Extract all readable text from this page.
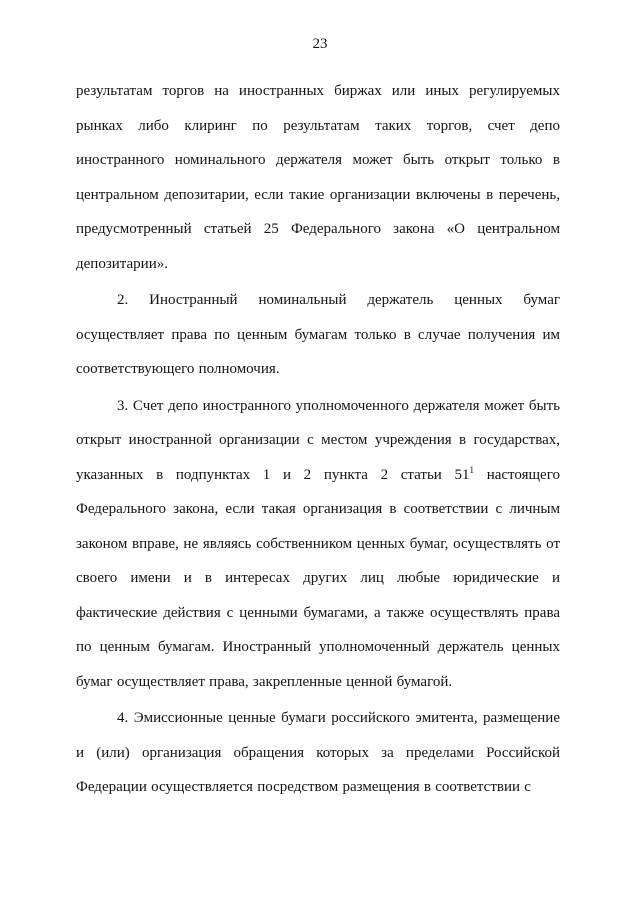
23

результатам торгов на иностранных биржах или иных регулируемых рынках либо клиринг по результатам таких торгов, счет депо иностранного номинального держателя может быть открыт только в центральном депозитарии, если такие организации включены в перечень, предусмотренный статьей 25 Федерального закона «О центральном депозитарии».

2. Иностранный номинальный держатель ценных бумаг осуществляет права по ценным бумагам только в случае получения им соответствующего полномочия.

3. Счет депо иностранного уполномоченного держателя может быть открыт иностранной организации с местом учреждения в государствах, указанных в подпунктах 1 и 2 пункта 2 статьи $51^1$ настоящего Федерального закона, если такая организация в соответствии с личным законом вправе, не являясь собственником ценных бумаг, осуществлять от своего имени и в интересах других лиц любые юридические и фактические действия с ценными бумагами, а также осуществлять права по ценным бумагам. Иностранный уполномоченный держатель ценных бумаг осуществляет права, закрепленные ценной бумагой.

4. Эмиссионные ценные бумаги российского эмитента, размещение и (или) организация обращения которых за пределами Российской Федерации осуществляется посредством размещения в соответствии с
